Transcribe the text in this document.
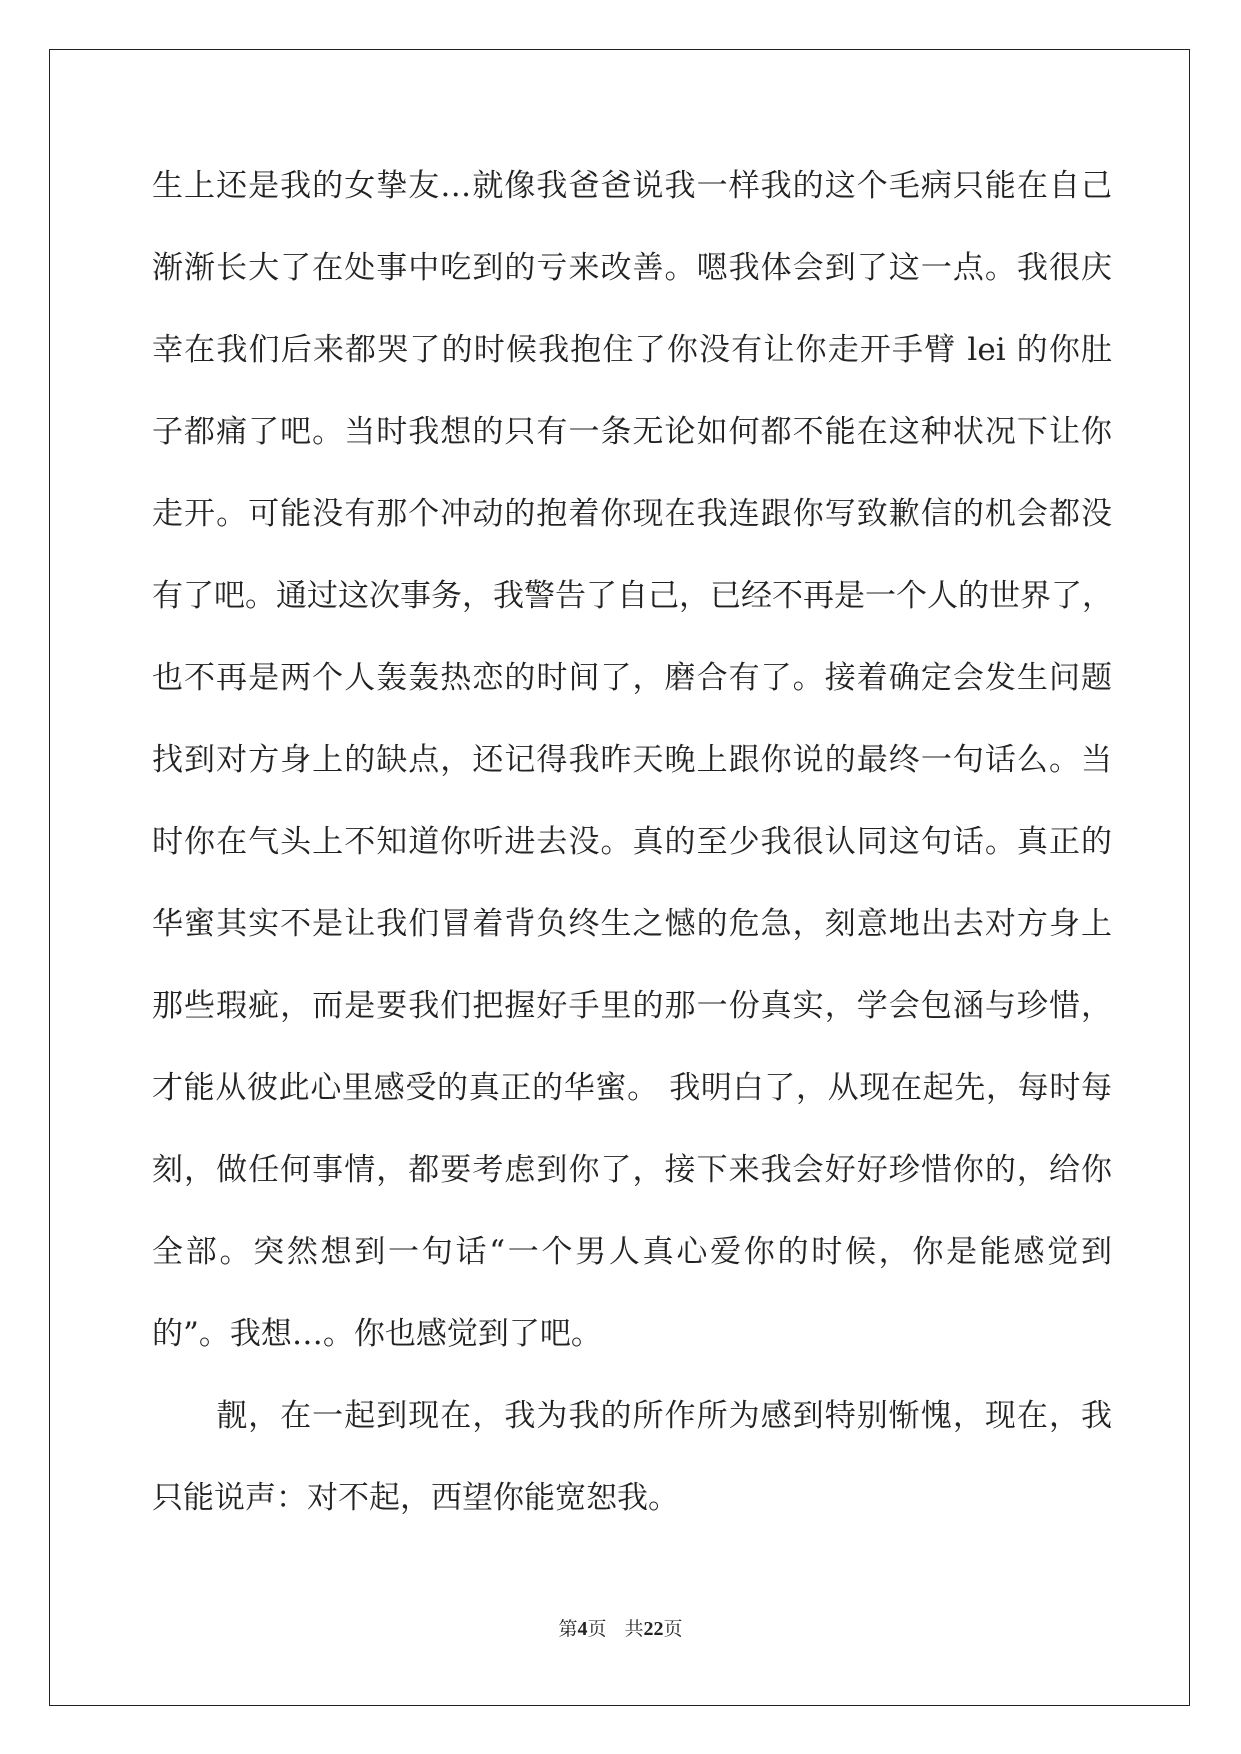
生上还是我的女挚友…就像我爸爸说我一样我的这个毛病只能在自己
渐渐长大了在处事中吃到的亏来改善。嗯我体会到了这一点。我很庆
幸在我们后来都哭了的时候我抱住了你没有让你走开手臂 lei 的你肚
子都痛了吧。当时我想的只有一条无论如何都不能在这种状况下让你
走开。可能没有那个冲动的抱着你现在我连跟你写致歉信的机会都没
有了吧。通过这次事务，我警告了自己，已经不再是一个人的世界了，
也不再是两个人轰轰热恋的时间了，磨合有了。接着确定会发生问题
找到对方身上的缺点，还记得我昨天晚上跟你说的最终一句话么。当
时你在气头上不知道你听进去没。真的至少我很认同这句话。真正的
华蜜其实不是让我们冒着背负终生之憾的危急，刻意地出去对方身上
那些瑕疵，而是要我们把握好手里的那一份真实，学会包涵与珍惜，
才能从彼此心里感受的真正的华蜜。 我明白了，从现在起先，每时每
刻，做任何事情，都要考虑到你了，接下来我会好好珍惜你的，给你
全部。突然想到一句话“一个男人真心爱你的时候，你是能感觉到
的”。我想…。你也感觉到了吧。
　　靓，在一起到现在，我为我的所作所为感到特别惭愧，现在，我
只能说声：对不起，西望你能宽恕我。
第4页 共22页
